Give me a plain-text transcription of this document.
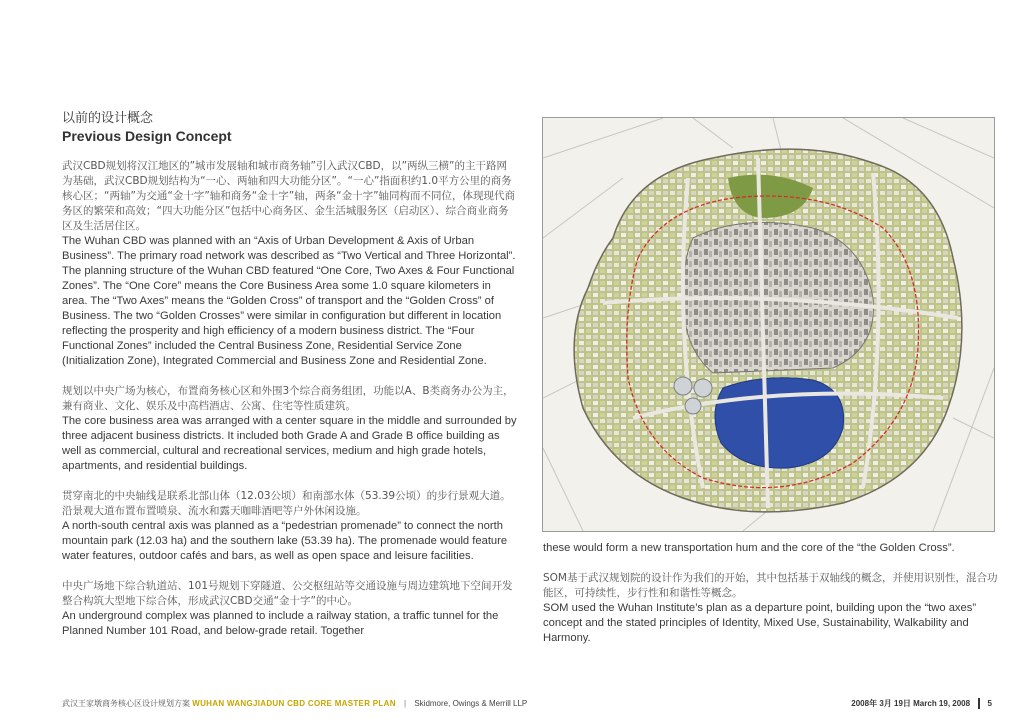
以前的设计概念
Previous Design Concept

武汉CBD规划将汉江地区的”城市发展轴和城市商务轴”引入武汉CBD，以”两纵三横”的主干路网为基础，武汉CBD规划结构为“一心、两轴和四大功能分区”。“一心”指面积约1.0平方公里的商务核心区；“两轴”为交通“金十字”轴和商务“金十字”轴，两条“金十字”轴同构而不同位，体现现代商务区的繁荣和高效；“四大功能分区”包括中心商务区、金生活城服务区（启动区）、综合商业商务区及生活居住区。

The Wuhan CBD was planned with an “Axis of Urban Development & Axis of Urban Business”. The primary road network was described as “Two Vertical and Three Horizontal”. The planning structure of the Wuhan CBD featured “One Core, Two Axes & Four Functional Zones”. The “One Core” means the Core Business Area some 1.0 square kilometers in area. The “Two Axes” means the “Golden Cross” of transport and the “Golden Cross” of Business. The two “Golden Crosses” were similar in configuration but different in location reflecting the prosperity and high efficiency of a modern business district. The “Four Functional Zones” included the Central Business Zone, Residential Service Zone (Initialization Zone), Integrated Commercial and Business Zone and Residential Zone.

规划以中央广场为核心，布置商务核心区和外围3个综合商务组团，功能以A、B类商务办公为主，兼有商业、文化、娱乐及中高档酒店、公寓、住宅等性质建筑。

The core business area was arranged with a center square in the middle and surrounded by three adjacent business districts. It included both Grade A and Grade B office building as well as commercial, cultural and recreational services, medium and high grade hotels, apartments, and residential buildings.

贯穿南北的中央轴线是联系北部山体（12.03公顷）和南部水体（53.39公顷）的步行景观大道。沿景观大道布置布置喷泉、流水和露天咖啡酒吧等户外休闲设施。

A north-south central axis was planned as a “pedestrian promenade” to connect the north mountain park (12.03 ha) and the southern lake (53.39 ha). The promenade would feature water features, outdoor cafés and bars, as well as open space and leisure facilities.

中央广场地下综合轨道站、101号规划下穿隧道、公交枢纽站等交通设施与周边建筑地下空间开发整合构筑大型地下综合体，形成武汉CBD交通“金十字”的中心。

An underground complex was planned to include a railway station, a traffic tunnel for the Planned Number 101 Road, and below-grade retail. Together

these would form a new transportation hum and the core of the “the Golden Cross”.

SOM基于武汉规划院的设计作为我们的开始，其中包括基于双轴线的概念，并使用识别性，混合功能区，可持续性，步行性和和谐性等概念。

SOM used the Wuhan Institute’s plan as a departure point, building upon the “two axes” concept and the stated principles of Identity, Mixed Use, Sustainability, Walkability and Harmony.

武汉王家墩商务核心区设计规划方案 WUHAN WANGJIADUN CBD CORE MASTER PLAN | Skidmore, Owings & Merrill LLP	2008年 3月 19日 March 19, 2008 5
